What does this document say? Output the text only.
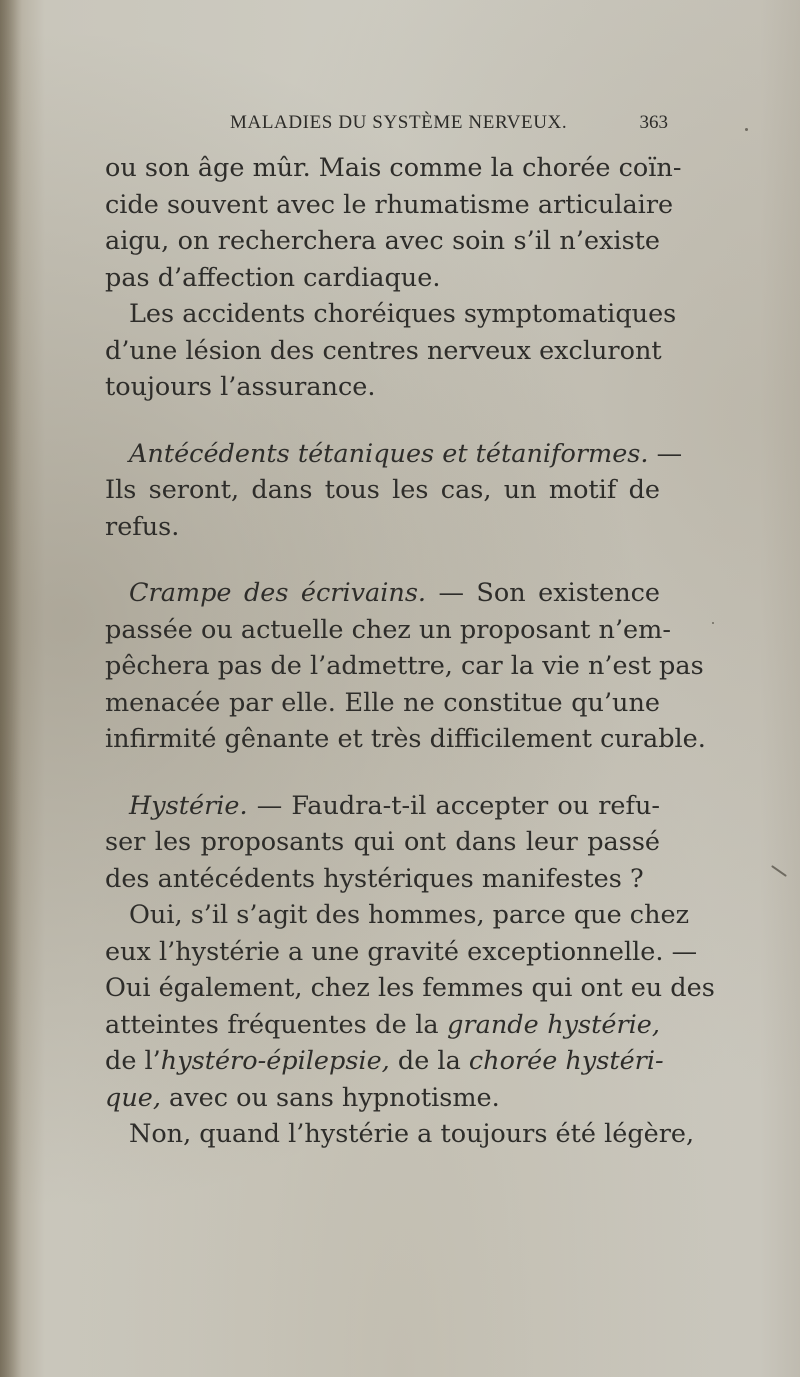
MALADIES DU SYSTÈME NERVEUX.	363
ou son âge mûr. Mais comme la chorée coïn-
cide souvent avec le rhumatisme articulaire
aigu, on recherchera avec soin s’il n’existe
pas d’affection cardiaque.
Les accidents choréiques symptomatiques
d’une lésion des centres nerveux excluront
toujours l’assurance.
Antécédents tétaniques et tétaniformes. —
Ils seront, dans tous les cas, un motif de
refus.
Crampe des écrivains. — Son existence
passée ou actuelle chez un proposant n’em-
pêchera pas de l’admettre, car la vie n’est pas
menacée par elle. Elle ne constitue qu’une
infirmité gênante et très difficilement curable.
Hystérie. — Faudra-t-il accepter ou refu-
ser les proposants qui ont dans leur passé
des antécédents hystériques manifestes ?
Oui, s’il s’agit des hommes, parce que chez
eux l’hystérie a une gravité exceptionnelle. —
Oui également, chez les femmes qui ont eu des
atteintes fréquentes de la grande hystérie,
de l’hystéro-épilepsie, de la chorée hystéri-
que, avec ou sans hypnotisme.
Non, quand l’hystérie a toujours été légère,
